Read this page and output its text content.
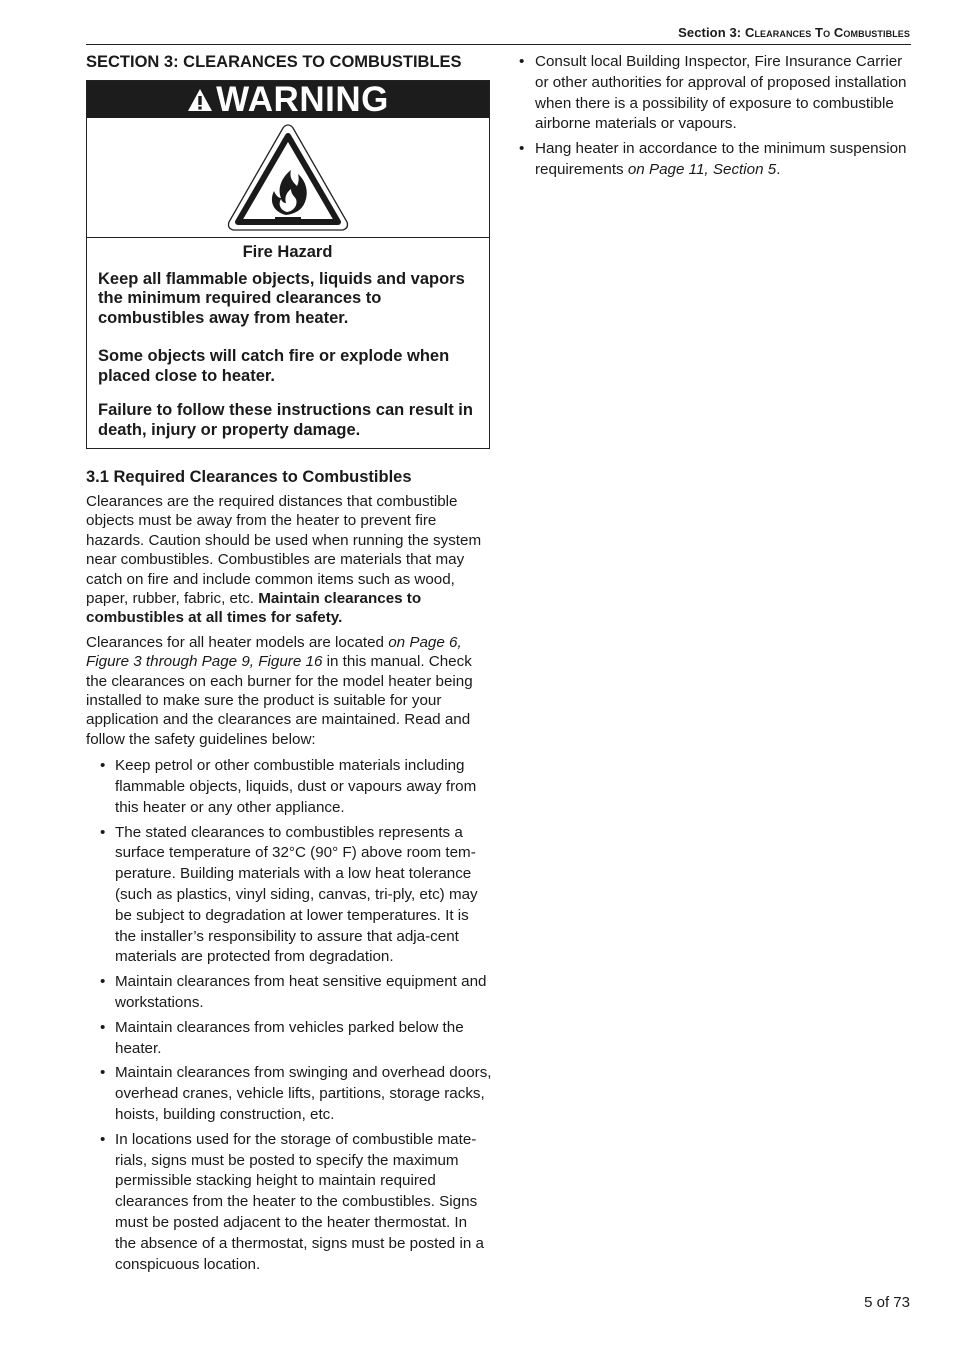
Section 3: Clearances To Combustibles
SECTION 3: CLEARANCES TO COMBUSTIBLES
WARNING
Fire Hazard

Keep all flammable objects, liquids and vapors the minimum required clearances to combustibles away from heater.

Some objects will catch fire or explode when placed close to heater.

Failure to follow these instructions can result in death, injury or property damage.

3.1 Required Clearances to Combustibles

Clearances are the required distances that combustible objects must be away from the heater to prevent fire hazards. Caution should be used when running the system near combustibles. Combustibles are materials that may catch on fire and include common items such as wood, paper, rubber, fabric, etc. Maintain clearances to combustibles at all times for safety.

Clearances for all heater models are located on Page 6, Figure 3 through Page 9, Figure 16 in this manual. Check the clearances on each burner for the model heater being installed to make sure the product is suitable for your application and the clearances are maintained. Read and follow the safety guidelines below:

• Keep petrol or other combustible materials including flammable objects, liquids, dust or vapours away from this heater or any other appliance.
• The stated clearances to combustibles represents a surface temperature of 32°C (90° F) above room tem-perature. Building materials with a low heat tolerance (such as plastics, vinyl siding, canvas, tri-ply, etc) may be subject to degradation at lower temperatures. It is the installer’s responsibility to assure that adja-cent materials are protected from degradation.
• Maintain clearances from heat sensitive equipment and workstations.
• Maintain clearances from vehicles parked below the heater.
• Maintain clearances from swinging and overhead doors, overhead cranes, vehicle lifts, partitions, storage racks, hoists, building construction, etc.
• In locations used for the storage of combustible mate-rials, signs must be posted to specify the maximum permissible stacking height to maintain required clearances from the heater to the combustibles. Signs must be posted adjacent to the heater thermostat. In the absence of a thermostat, signs must be posted in a conspicuous location.
• Consult local Building Inspector, Fire Insurance Carrier or other authorities for approval of proposed installation when there is a possibility of exposure to combustible airborne materials or vapours.
• Hang heater in accordance to the minimum suspension requirements on Page 11, Section 5.
5 of 73
